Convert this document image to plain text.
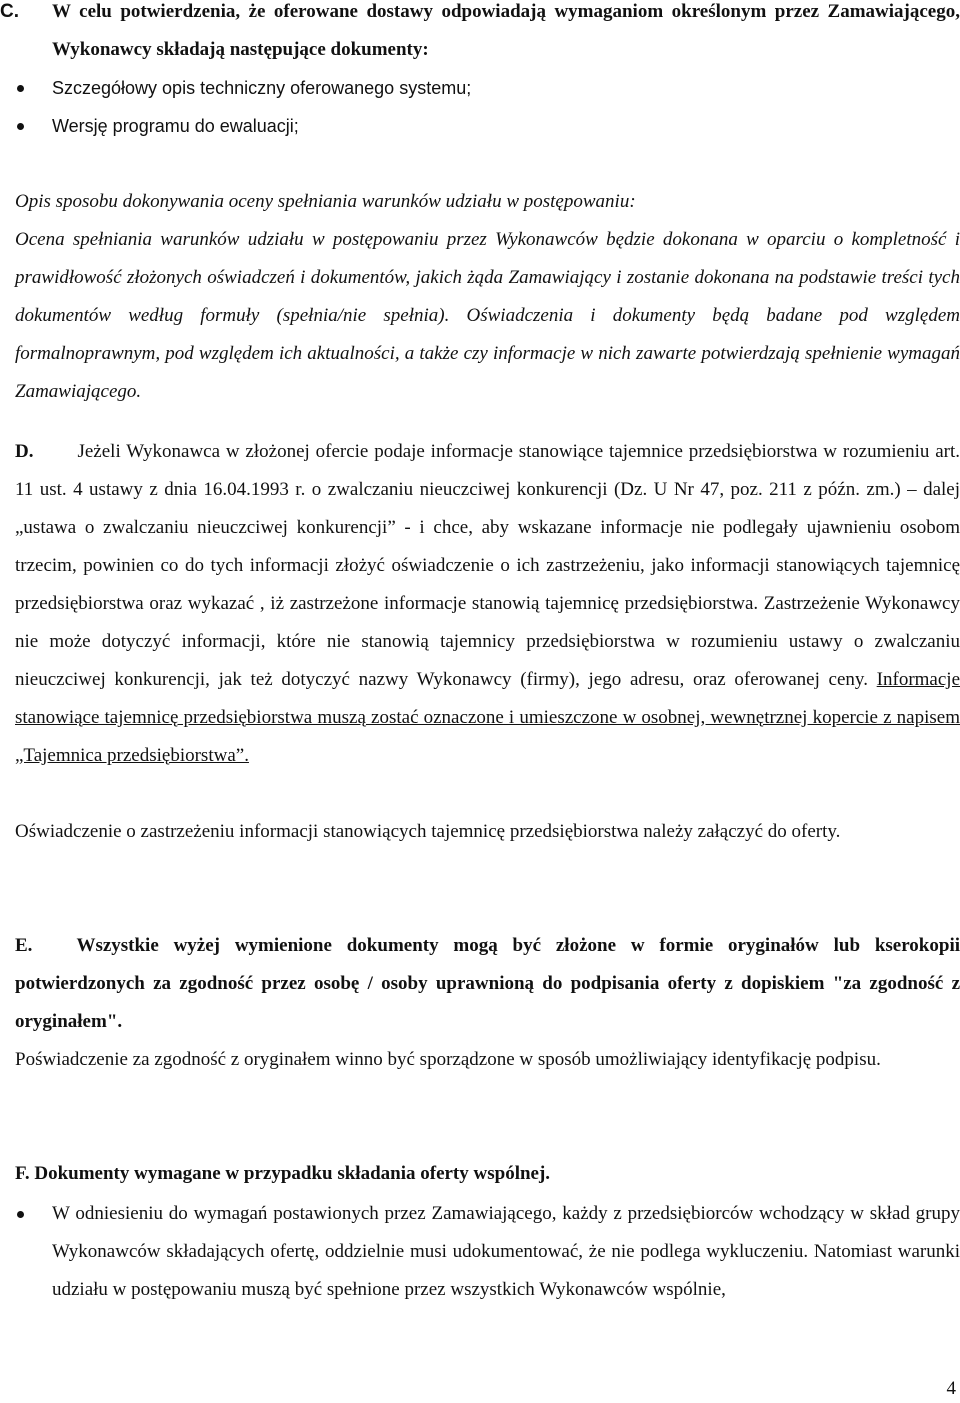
C.	W celu potwierdzenia, że oferowane dostawy odpowiadają wymaganiom określonym przez Zamawiającego, Wykonawcy składają następujące dokumenty:

Szczegółowy opis techniczny oferowanego systemu;
Wersję programu do ewaluacji;

Opis sposobu dokonywania oceny spełniania warunków udziału w postępowaniu:

Ocena spełniania warunków udziału w postępowaniu przez Wykonawców będzie dokonana w oparciu o kompletność i prawidłowość złożonych oświadczeń i dokumentów, jakich żąda Zamawiający i zostanie dokonana na podstawie treści tych dokumentów według formuły (spełnia/nie spełnia). Oświadczenia i dokumenty będą badane pod względem formalnoprawnym, pod względem ich aktualności, a także czy informacje w nich zawarte potwierdzają spełnienie wymagań Zamawiającego.

D. Jeżeli Wykonawca w złożonej ofercie podaje informacje stanowiące tajemnice przedsiębiorstwa w rozumieniu art. 11 ust. 4 ustawy z dnia 16.04.1993 r. o zwalczaniu nieuczciwej konkurencji (Dz. U Nr 47, poz. 211 z późn. zm.) – dalej „ustawa o zwalczaniu nieuczciwej konkurencji” - i chce, aby wskazane informacje nie podlegały ujawnieniu osobom trzecim, powinien co do tych informacji złożyć oświadczenie o ich zastrzeżeniu, jako informacji stanowiących tajemnicę przedsiębiorstwa oraz wykazać , iż zastrzeżone informacje stanowią tajemnicę przedsiębiorstwa. Zastrzeżenie Wykonawcy nie może dotyczyć informacji, które nie stanowią tajemnicy przedsiębiorstwa w rozumieniu ustawy o zwalczaniu nieuczciwej konkurencji, jak też dotyczyć nazwy Wykonawcy (firmy), jego adresu, oraz oferowanej ceny. Informacje stanowiące tajemnicę przedsiębiorstwa muszą zostać oznaczone i umieszczone w osobnej, wewnętrznej kopercie z napisem „Tajemnica przedsiębiorstwa”.

Oświadczenie o zastrzeżeniu informacji stanowiących tajemnicę przedsiębiorstwa należy załączyć do oferty.

E. Wszystkie wyżej wymienione dokumenty mogą być złożone w formie oryginałów lub kserokopii potwierdzonych za zgodność przez osobę / osoby uprawnioną do podpisania oferty z dopiskiem "za zgodność z oryginałem".

Poświadczenie za zgodność z oryginałem winno być sporządzone w sposób umożliwiający identyfikację podpisu.

F. Dokumenty wymagane w przypadku składania oferty wspólnej.

W odniesieniu do wymagań postawionych przez Zamawiającego, każdy z przedsiębiorców wchodzący w skład grupy Wykonawców składających ofertę, oddzielnie musi udokumentować, że nie podlega wykluczeniu. Natomiast warunki udziału w postępowaniu muszą być spełnione przez wszystkich Wykonawców wspólnie,
4
